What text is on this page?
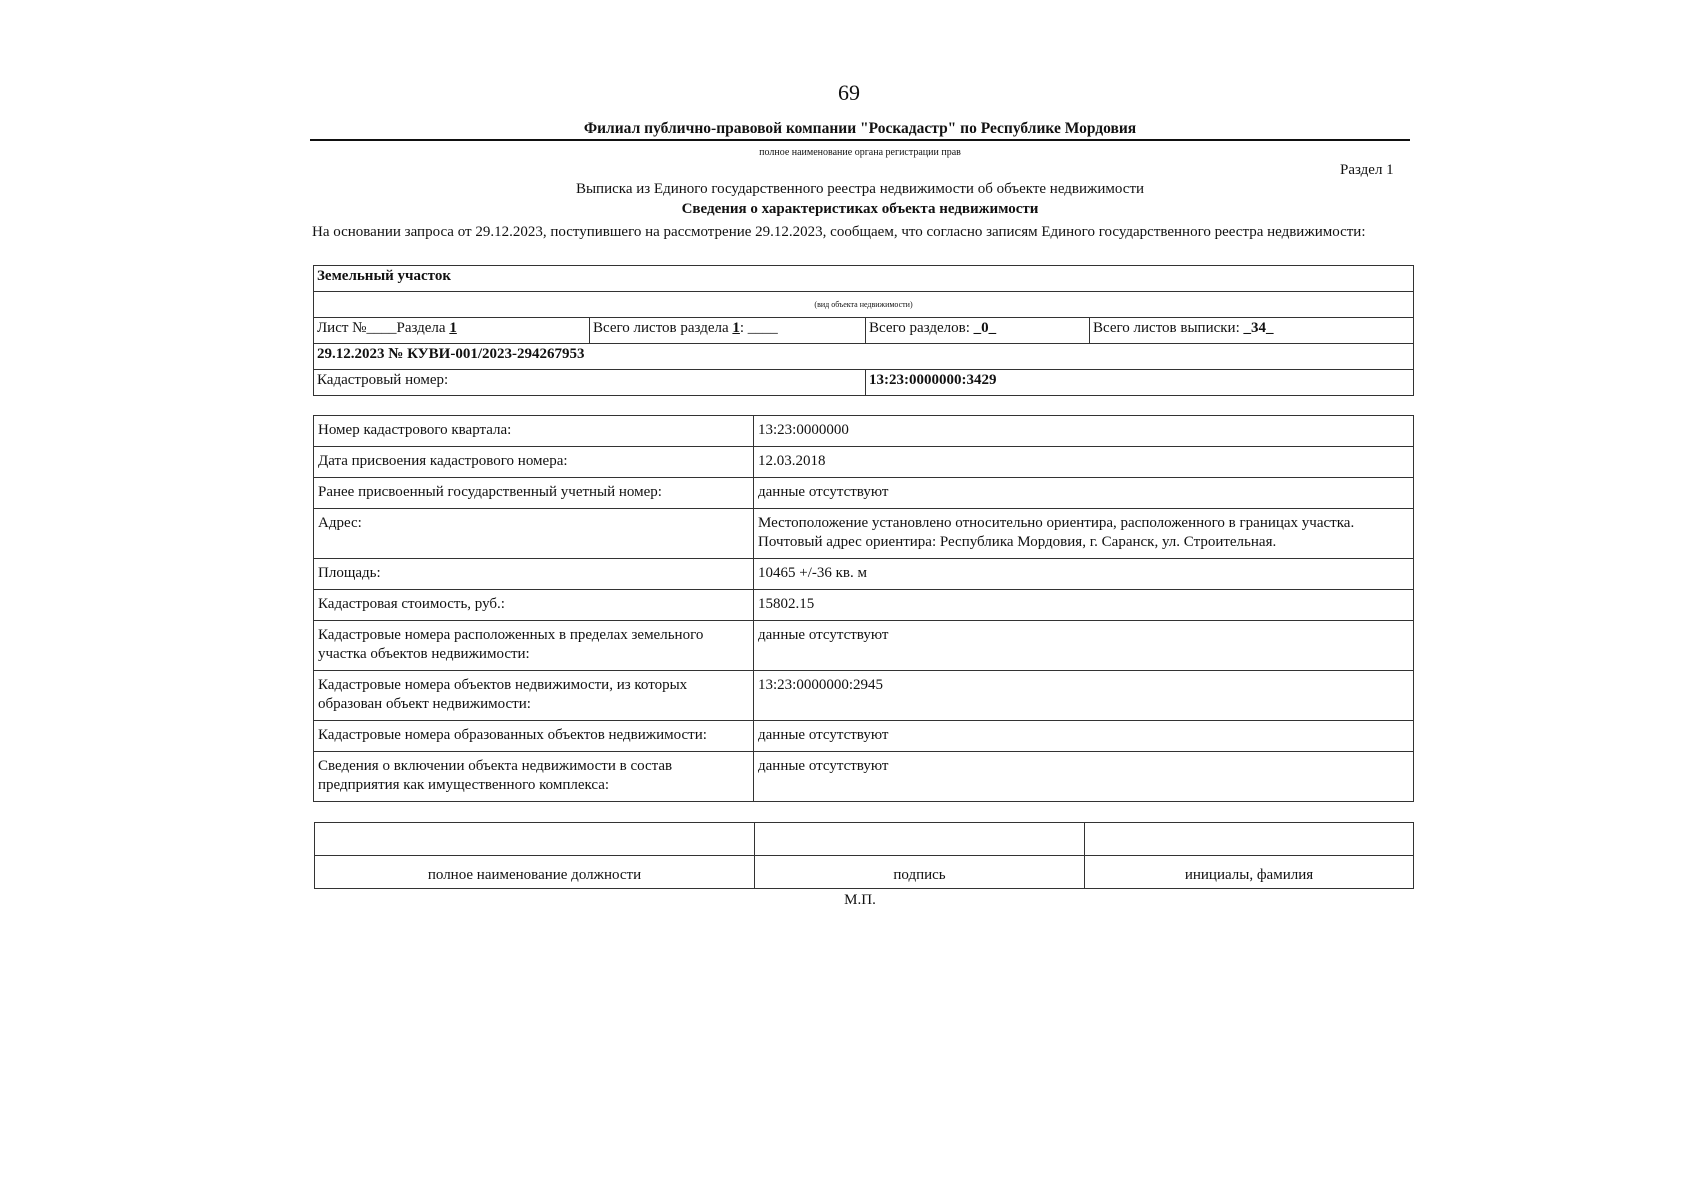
69
Филиал публично-правовой компании "Роскадастр" по Республике Мордовия
полное наименование органа регистрации прав
Раздел 1
Выписка из Единого государственного реестра недвижимости об объекте недвижимости
Сведения о характеристиках объекта недвижимости
На основании запроса от 29.12.2023, поступившего на рассмотрение 29.12.2023, сообщаем, что согласно записям Единого государственного реестра недвижимости:
Земельный участок			
(вид объекта недвижимости)			
Лист №____Раздела 1	Всего листов раздела 1: ____	Всего разделов: _0_	Всего листов выписки: _34_
29.12.2023 № КУВИ-001/2023-294267953			
Кадастровый номер:		13:23:0000000:3429	
Номер кадастрового квартала:	13:23:0000000
Дата присвоения кадастрового номера:	12.03.2018
Ранее присвоенный государственный учетный номер:	данные отсутствуют
Адрес:	Местоположение установлено относительно ориентира, расположенного в границах участка. Почтовый адрес ориентира: Республика Мордовия, г. Саранск, ул. Строительная.
Площадь:	10465 +/-36 кв. м
Кадастровая стоимость, руб.:	15802.15
Кадастровые номера расположенных в пределах земельного участка объектов недвижимости:	данные отсутствуют
Кадастровые номера объектов недвижимости, из которых образован объект недвижимости:	13:23:0000000:2945
Кадастровые номера образованных объектов недвижимости:	данные отсутствуют
Сведения о включении объекта недвижимости в состав предприятия как имущественного комплекса:	данные отсутствуют

полное наименование должности	подпись	инициалы, фамилия
М.П.
